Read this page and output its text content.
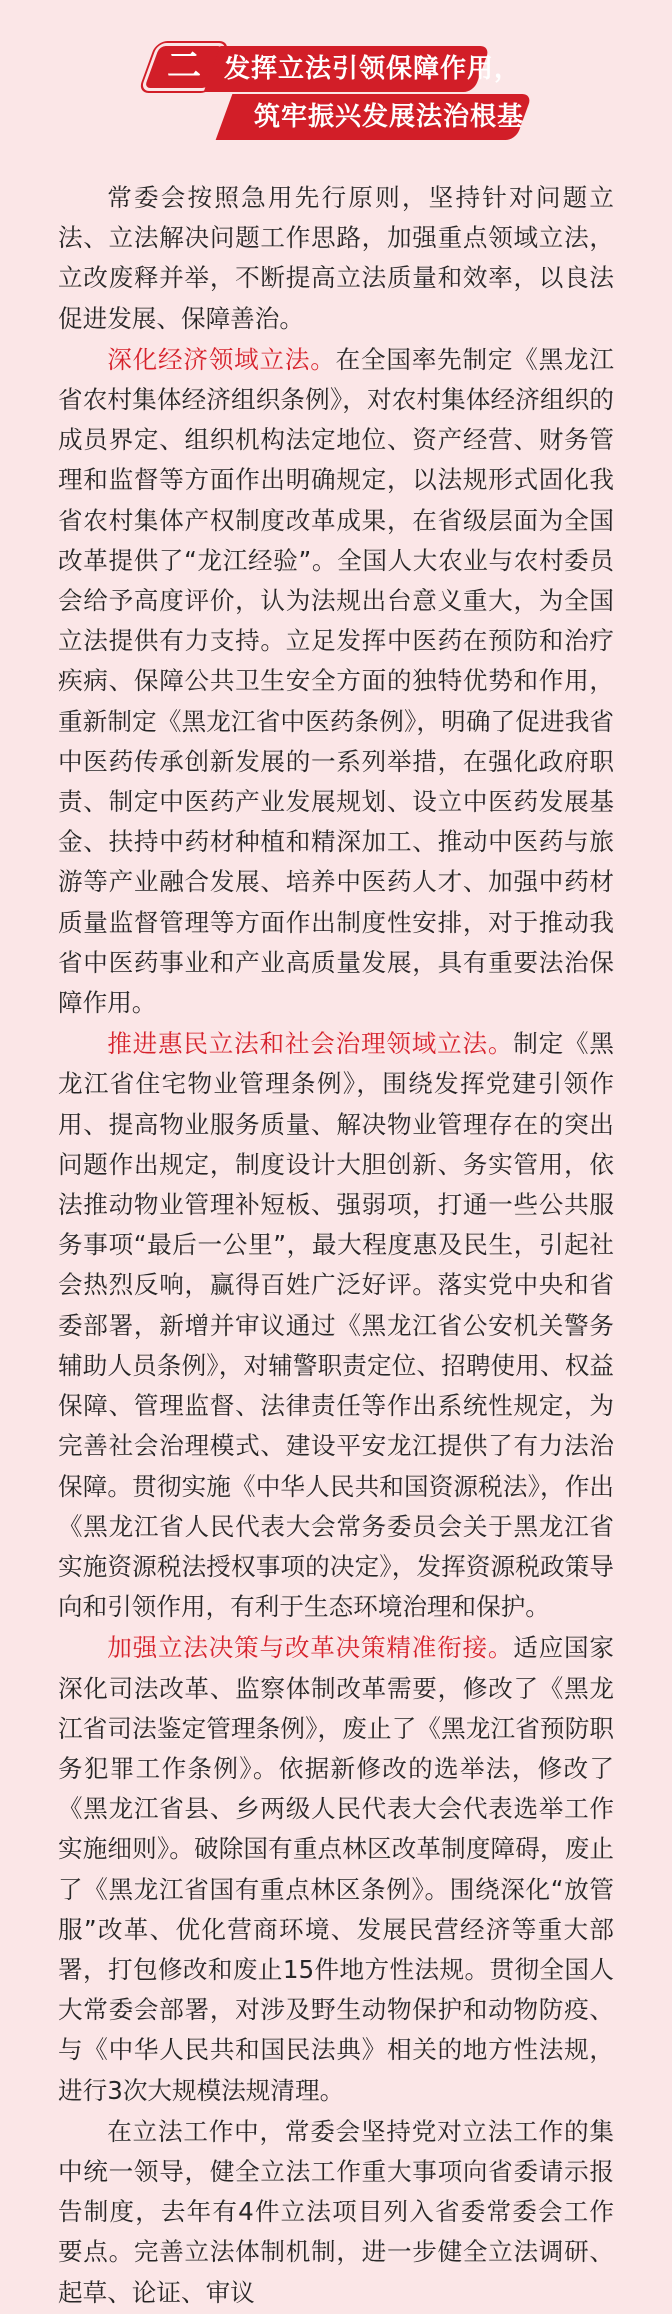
二 发挥立法引领保障作用，
筑牢振兴发展法治根基

常委会按照急用先行原则，坚持针对问题立法、立法解决问题工作思路，加强重点领域立法，立改废释并举，不断提高立法质量和效率，以良法促进发展、保障善治。

深化经济领域立法。在全国率先制定《黑龙江省农村集体经济组织条例》，对农村集体经济组织的成员界定、组织机构法定地位、资产经营、财务管理和监督等方面作出明确规定，以法规形式固化我省农村集体产权制度改革成果，在省级层面为全国改革提供了“龙江经验”。全国人大农业与农村委员会给予高度评价，认为法规出台意义重大，为全国立法提供有力支持。立足发挥中医药在预防和治疗疾病、保障公共卫生安全方面的独特优势和作用，重新制定《黑龙江省中医药条例》，明确了促进我省中医药传承创新发展的一系列举措，在强化政府职责、制定中医药产业发展规划、设立中医药发展基金、扶持中药材种植和精深加工、推动中医药与旅游等产业融合发展、培养中医药人才、加强中药材质量监督管理等方面作出制度性安排，对于推动我省中医药事业和产业高质量发展，具有重要法治保障作用。

推进惠民立法和社会治理领域立法。制定《黑龙江省住宅物业管理条例》，围绕发挥党建引领作用、提高物业服务质量、解决物业管理存在的突出问题作出规定，制度设计大胆创新、务实管用，依法推动物业管理补短板、强弱项，打通一些公共服务事项“最后一公里”，最大程度惠及民生，引起社会热烈反响，赢得百姓广泛好评。落实党中央和省委部署，新增并审议通过《黑龙江省公安机关警务辅助人员条例》，对辅警职责定位、招聘使用、权益保障、管理监督、法律责任等作出系统性规定，为完善社会治理模式、建设平安龙江提供了有力法治保障。贯彻实施《中华人民共和国资源税法》，作出《黑龙江省人民代表大会常务委员会关于黑龙江省实施资源税法授权事项的决定》，发挥资源税政策导向和引领作用，有利于生态环境治理和保护。

加强立法决策与改革决策精准衔接。适应国家深化司法改革、监察体制改革需要，修改了《黑龙江省司法鉴定管理条例》，废止了《黑龙江省预防职务犯罪工作条例》。依据新修改的选举法，修改了《黑龙江省县、乡两级人民代表大会代表选举工作实施细则》。破除国有重点林区改革制度障碍，废止了《黑龙江省国有重点林区条例》。围绕深化“放管服”改革、优化营商环境、发展民营经济等重大部署，打包修改和废止15件地方性法规。贯彻全国人大常委会部署，对涉及野生动物保护和动物防疫、与《中华人民共和国民法典》相关的地方性法规，进行3次大规模法规清理。

在立法工作中，常委会坚持党对立法工作的集中统一领导，健全立法工作重大事项向省委请示报告制度，去年有4件立法项目列入省委常委会工作要点。完善立法体制机制，进一步健全立法调研、起草、论证、审议
